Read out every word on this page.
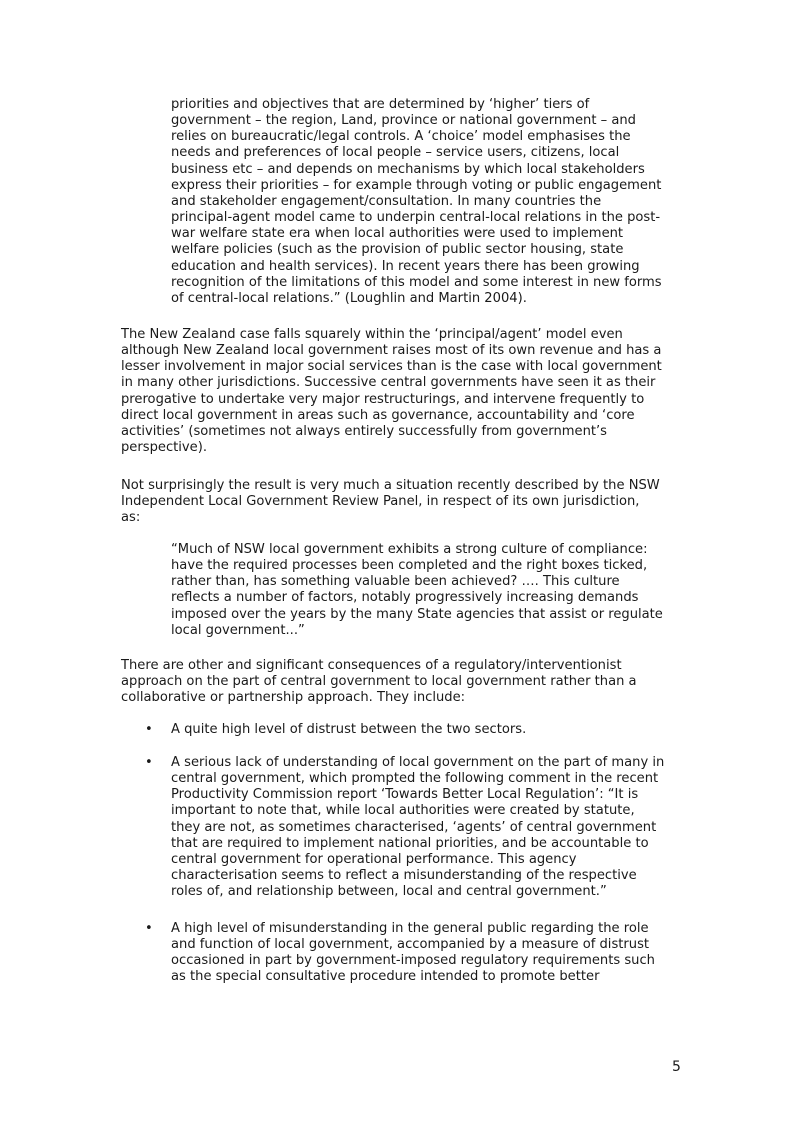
priorities and objectives that are determined by ‘higher’ tiers of
government – the region, Land, province or national government – and
relies on bureaucratic/legal controls. A ‘choice’ model emphasises the
needs and preferences of local people – service users, citizens, local
business etc – and depends on mechanisms by which local stakeholders
express their priorities – for example through voting or public engagement
and stakeholder engagement/consultation. In many countries the
principal-agent model came to underpin central-local relations in the post-
war welfare state era when local authorities were used to implement
welfare policies (such as the provision of public sector housing, state
education and health services). In recent years there has been growing
recognition of the limitations of this model and some interest in new forms
of central-local relations.” (Loughlin and Martin 2004).

The New Zealand case falls squarely within the ‘principal/agent’ model even
although New Zealand local government raises most of its own revenue and has a
lesser involvement in major social services than is the case with local government
in many other jurisdictions. Successive central governments have seen it as their
prerogative to undertake very major restructurings, and intervene frequently to
direct local government in areas such as governance, accountability and ‘core
activities’ (sometimes not always entirely successfully from government’s
perspective).

Not surprisingly the result is very much a situation recently described by the NSW
Independent Local Government Review Panel, in respect of its own jurisdiction,
as:

“Much of NSW local government exhibits a strong culture of compliance:
have the required processes been completed and the right boxes ticked,
rather than, has something valuable been achieved? …. This culture
reflects a number of factors, notably progressively increasing demands
imposed over the years by the many State agencies that assist or regulate
local government...”

There are other and significant consequences of a regulatory/interventionist
approach on the part of central government to local government rather than a
collaborative or partnership approach. They include:

•	A quite high level of distrust between the two sectors.

•	A serious lack of understanding of local government on the part of many in
central government, which prompted the following comment in the recent
Productivity Commission report ‘Towards Better Local Regulation’: “It is
important to note that, while local authorities were created by statute,
they are not, as sometimes characterised, ‘agents’ of central government
that are required to implement national priorities, and be accountable to
central government for operational performance. This agency
characterisation seems to reflect a misunderstanding of the respective
roles of, and relationship between, local and central government.”

•	A high level of misunderstanding in the general public regarding the role
and function of local government, accompanied by a measure of distrust
occasioned in part by government-imposed regulatory requirements such
as the special consultative procedure intended to promote better

5
